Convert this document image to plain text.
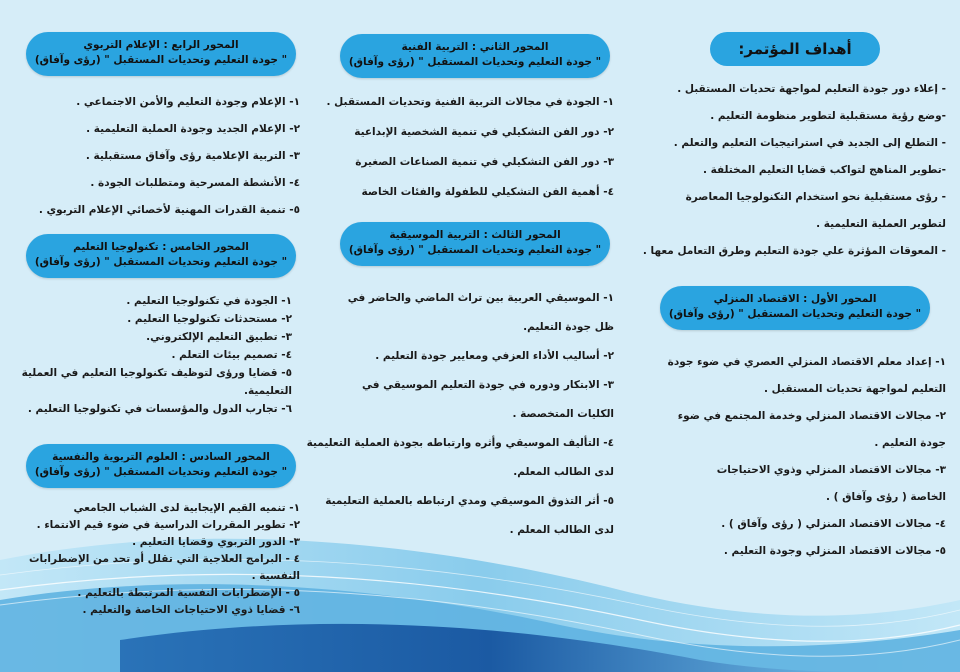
أهداف المؤتمر:
- إعلاء دور جودة التعليم لمواجهة تحديات المستقبل .
-وضع رؤية مستقبلية لتطوير منظومة التعليم .
- التطلع إلى الجديد في استراتيجيات التعليم والتعلم .
-تطوير المناهج لتواكب قضايا التعليم المختلفة .
- رؤى مستقبلية نحو استخدام التكنولوجيا المعاصرة
لتطوير العملية التعليمية .
- المعوقات المؤثرة علي جودة التعليم وطرق التعامل معها .
المحور الأول : الاقتصاد المنزلي
" جودة التعليم وتحديات المستقبل " (رؤى وآفاق)
١- إعداد معلم الاقتصاد المنزلي العصري في ضوء جودة
التعليم لمواجهة تحديات المستقبل .
٢- مجالات الاقتصاد المنزلي وخدمة المجتمع في ضوء
جودة التعليم .
٣- مجالات الاقتصاد المنزلي وذوي الاحتياجات
الخاصة ( رؤى وآفاق ) .
٤- مجالات الاقتصاد المنزلي ( رؤى وآفاق ) .
٥- مجالات الاقتصاد المنزلي وجودة التعليم .
المحور الثاني : التربية الفنية
" جودة التعليم وتحديات المستقبل " (رؤى وآفاق)
١- الجودة في مجالات التربية الفنية وتحديات المستقبل .
٢- دور الفن التشكيلي في تنمية الشخصية الإبداعية
٣- دور الفن التشكيلي في تنمية الصناعات الصغيرة
٤- أهمية الفن التشكيلي للطفولة والفئات الخاصة
المحور الثالث : التربية الموسيقية
" جودة التعليم وتحديات المستقبل " (رؤى وآفاق)
١- الموسيقي العربية بين تراث الماضي والحاضر في
ظل جودة التعليم.
٢- أساليب الأداء العزفي ومعايير جودة التعليم .
٣- الابتكار ودوره في جودة التعليم الموسيقي في
الكليات المتخصصة .
٤- التأليف الموسيقي وأثره وارتباطه بجودة العملية التعليمية
لدى الطالب المعلم.
٥- أثر التذوق الموسيقي ومدي ارتباطه بالعملية التعليمية
لدى الطالب المعلم .
المحور الرابع : الإعلام التربوي
" جودة التعليم وتحديات المستقبل " (رؤى وآفاق)
١- الإعلام وجودة التعليم والأمن الاجتماعي .
٢- الإعلام الجديد وجودة العملية التعليمية .
٣- التربية الإعلامية رؤى وآفاق مستقبلية .
٤- الأنشطة المسرحية ومتطلبات الجودة .
٥- تنمية القدرات المهنية لأخصائي الإعلام التربوي .
المحور الخامس : تكنولوجيا التعليم
" جودة التعليم وتحديات المستقبل " (رؤى وآفاق)
١- الجودة في تكنولوجيا التعليم .
٢- مستحدثات تكنولوجيا التعليم .
٣- تطبيق التعليم الإلكتروني.
٤- تصميم بيئات التعلم .
٥- قضايا ورؤى لتوظيف تكنولوجيا التعليم في العملية
التعليمية.
٦- تجارب الدول والمؤسسات في تكنولوجيا التعليم .
المحور السادس : العلوم التربوية والنفسية
" جودة التعليم وتحديات المستقبل " (رؤى وآفاق)
١- تنميه القيم الإيجابية لدى الشباب الجامعي
٢- تطوير المقررات الدراسية في ضوء قيم الانتماء .
٣- الدور التربوي وقضايا التعليم .
٤ - البرامج العلاجية التي تقلل أو تحد من الإضطرابات
النفسية .
٥ - الإضطرابات النفسية المرتبطة بالتعليم .
٦- قضايا ذوي الاحتياجات الخاصة والتعليم .
